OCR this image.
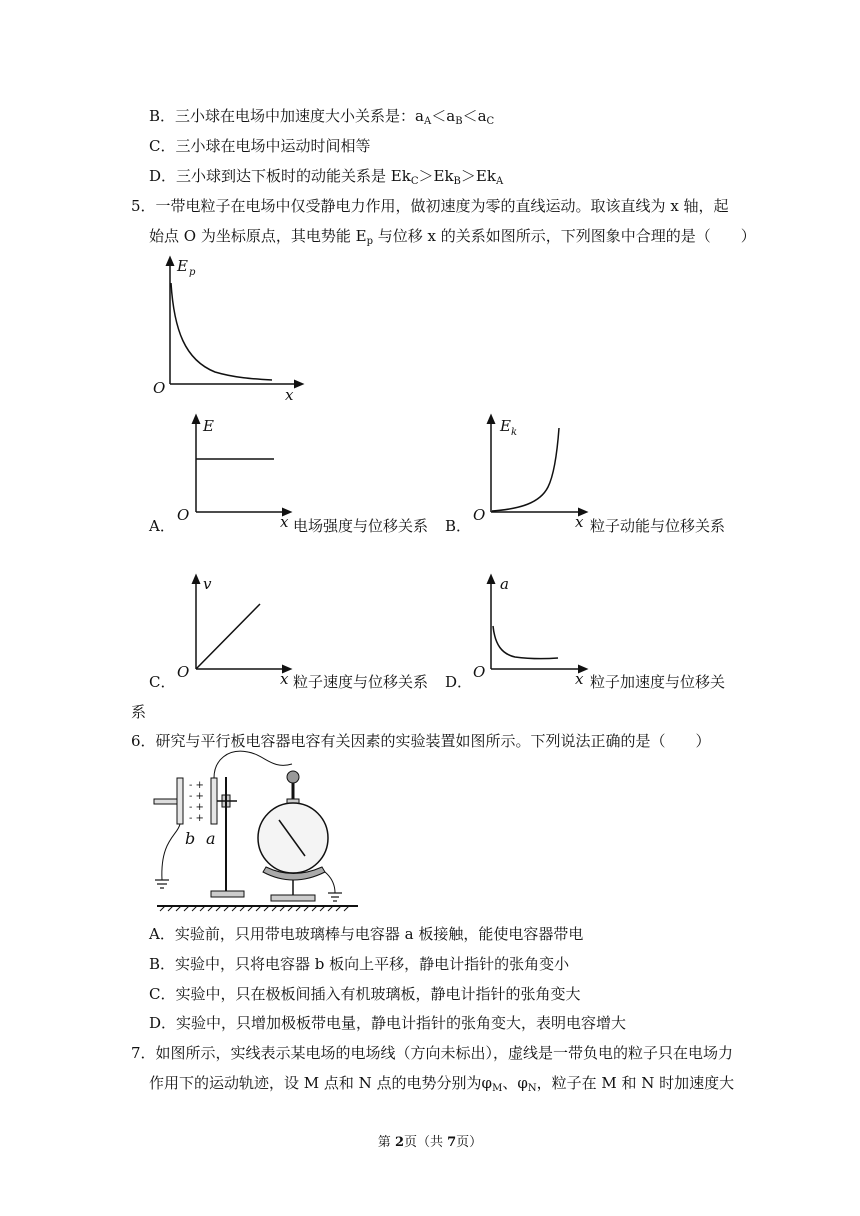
B．三小球在电场中加速度大小关系是：$a_A<a_B<a_C$
C．三小球在电场中运动时间相等
D．三小球到达下板时的动能关系是 $Ek_C>Ek_B>Ek_A$
5．一带电粒子在电场中仅受静电力作用，做初速度为零的直线运动。取该直线为 x 轴，起
始点 O 为坐标原点，其电势能 $E_p$ 与位移 x 的关系如图所示，下列图象中合理的是（　　）
E p
O	x
E
O	x
E k
O	x
v
O	x
a
O	x
A．	电场强度与位移关系 B．	粒子动能与位移关系
C．	粒子速度与位移关系 D．	粒子加速度与位移关
系
6．研究与平行板电容器电容有关因素的实验装置如图所示。下列说法正确的是（　　）
- +
- +
- +
- +
b a
A．实验前，只用带电玻璃棒与电容器 a 板接触，能使电容器带电
B．实验中，只将电容器 b 板向上平移，静电计指针的张角变小
C．实验中，只在极板间插入有机玻璃板，静电计指针的张角变大
D．实验中，只增加极板带电量，静电计指针的张角变大，表明电容增大
7．如图所示，实线表示某电场的电场线（方向未标出），虚线是一带负电的粒子只在电场力
作用下的运动轨迹，设 M 点和 N 点的电势分别为$\varphi_M$、$\varphi_N$，粒子在 M 和 N 时加速度大
第 2页（共 7页）
